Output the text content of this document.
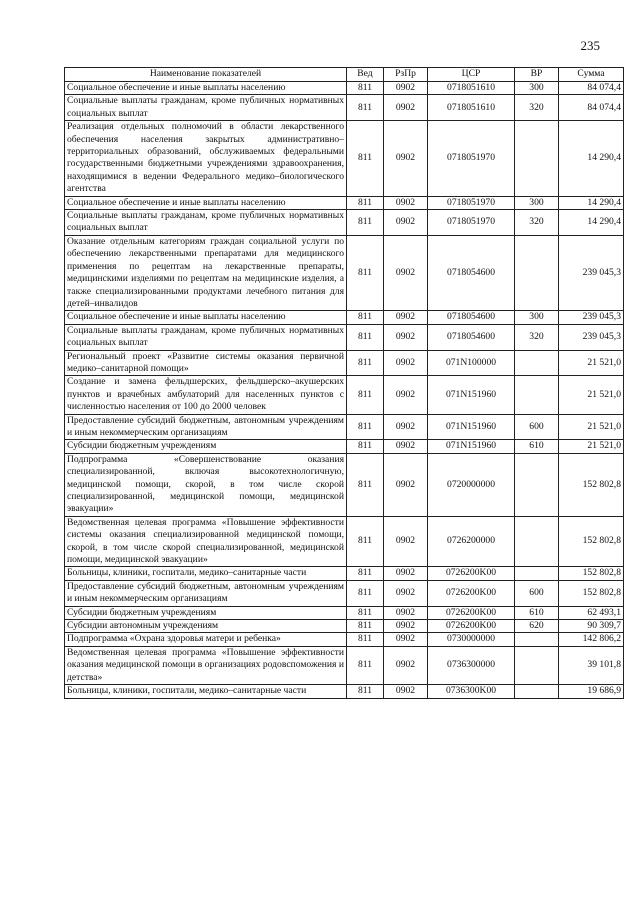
235
Наименование показателей	Вед	РзПр	ЦСР	ВР	Сумма
Социальное обеспечение и иные выплаты населению	811	0902	0718051610	300	84 074,4
Социальные выплаты гражданам, кроме публичных нормативных социальных выплат	811	0902	0718051610	320	84 074,4
Реализация отдельных полномочий в области лекарственного обеспечения населения закрытых административно–территориальных образований, обслуживаемых федеральными государственными бюджетными учреждениями здравоохранения, находящимися в ведении Федерального медико–биологического агентства	811	0902	0718051970		14 290,4
Социальное обеспечение и иные выплаты населению	811	0902	0718051970	300	14 290,4
Социальные выплаты гражданам, кроме публичных нормативных социальных выплат	811	0902	0718051970	320	14 290,4
Оказание отдельным категориям граждан социальной услуги по обеспечению лекарственными препаратами для медицинского применения по рецептам на лекарственные препараты, медицинскими изделиями по рецептам на медицинские изделия, а также специализированными продуктами лечебного питания для детей–инвалидов	811	0902	0718054600		239 045,3
Социальное обеспечение и иные выплаты населению	811	0902	0718054600	300	239 045,3
Социальные выплаты гражданам, кроме публичных нормативных социальных выплат	811	0902	0718054600	320	239 045,3
Региональный проект «Развитие системы оказания первичной медико–санитарной помощи»	811	0902	071N100000		21 521,0
Создание и замена фельдшерских, фельдшерско–акушерских пунктов и врачебных амбулаторий для населенных пунктов с численностью населения от 100 до 2000 человек	811	0902	071N151960		21 521,0
Предоставление субсидий бюджетным, автономным учреждениям и иным некоммерческим организациям	811	0902	071N151960	600	21 521,0
Субсидии бюджетным учреждениям	811	0902	071N151960	610	21 521,0
Подпрограмма «Совершенствование оказания специализированной, включая высокотехнологичную, медицинской помощи, скорой, в том числе скорой специализированной, медицинской помощи, медицинской эвакуации»	811	0902	0720000000		152 802,8
Ведомственная целевая программа «Повышение эффективности системы оказания специализированной медицинской помощи, скорой, в том числе скорой специализированной, медицинской помощи, медицинской эвакуации»	811	0902	0726200000		152 802,8
Больницы, клиники, госпитали, медико–санитарные части	811	0902	0726200K00		152 802,8
Предоставление субсидий бюджетным, автономным учреждениям и иным некоммерческим организациям	811	0902	0726200K00	600	152 802,8
Субсидии бюджетным учреждениям	811	0902	0726200K00	610	62 493,1
Субсидии автономным учреждениям	811	0902	0726200K00	620	90 309,7
Подпрограмма «Охрана здоровья матери и ребенка»	811	0902	0730000000		142 806,2
Ведомственная целевая программа «Повышение эффективности оказания медицинской помощи в организациях родовспоможения и детства»	811	0902	0736300000		39 101,8
Больницы, клиники, госпитали, медико–санитарные части	811	0902	0736300K00		19 686,9
